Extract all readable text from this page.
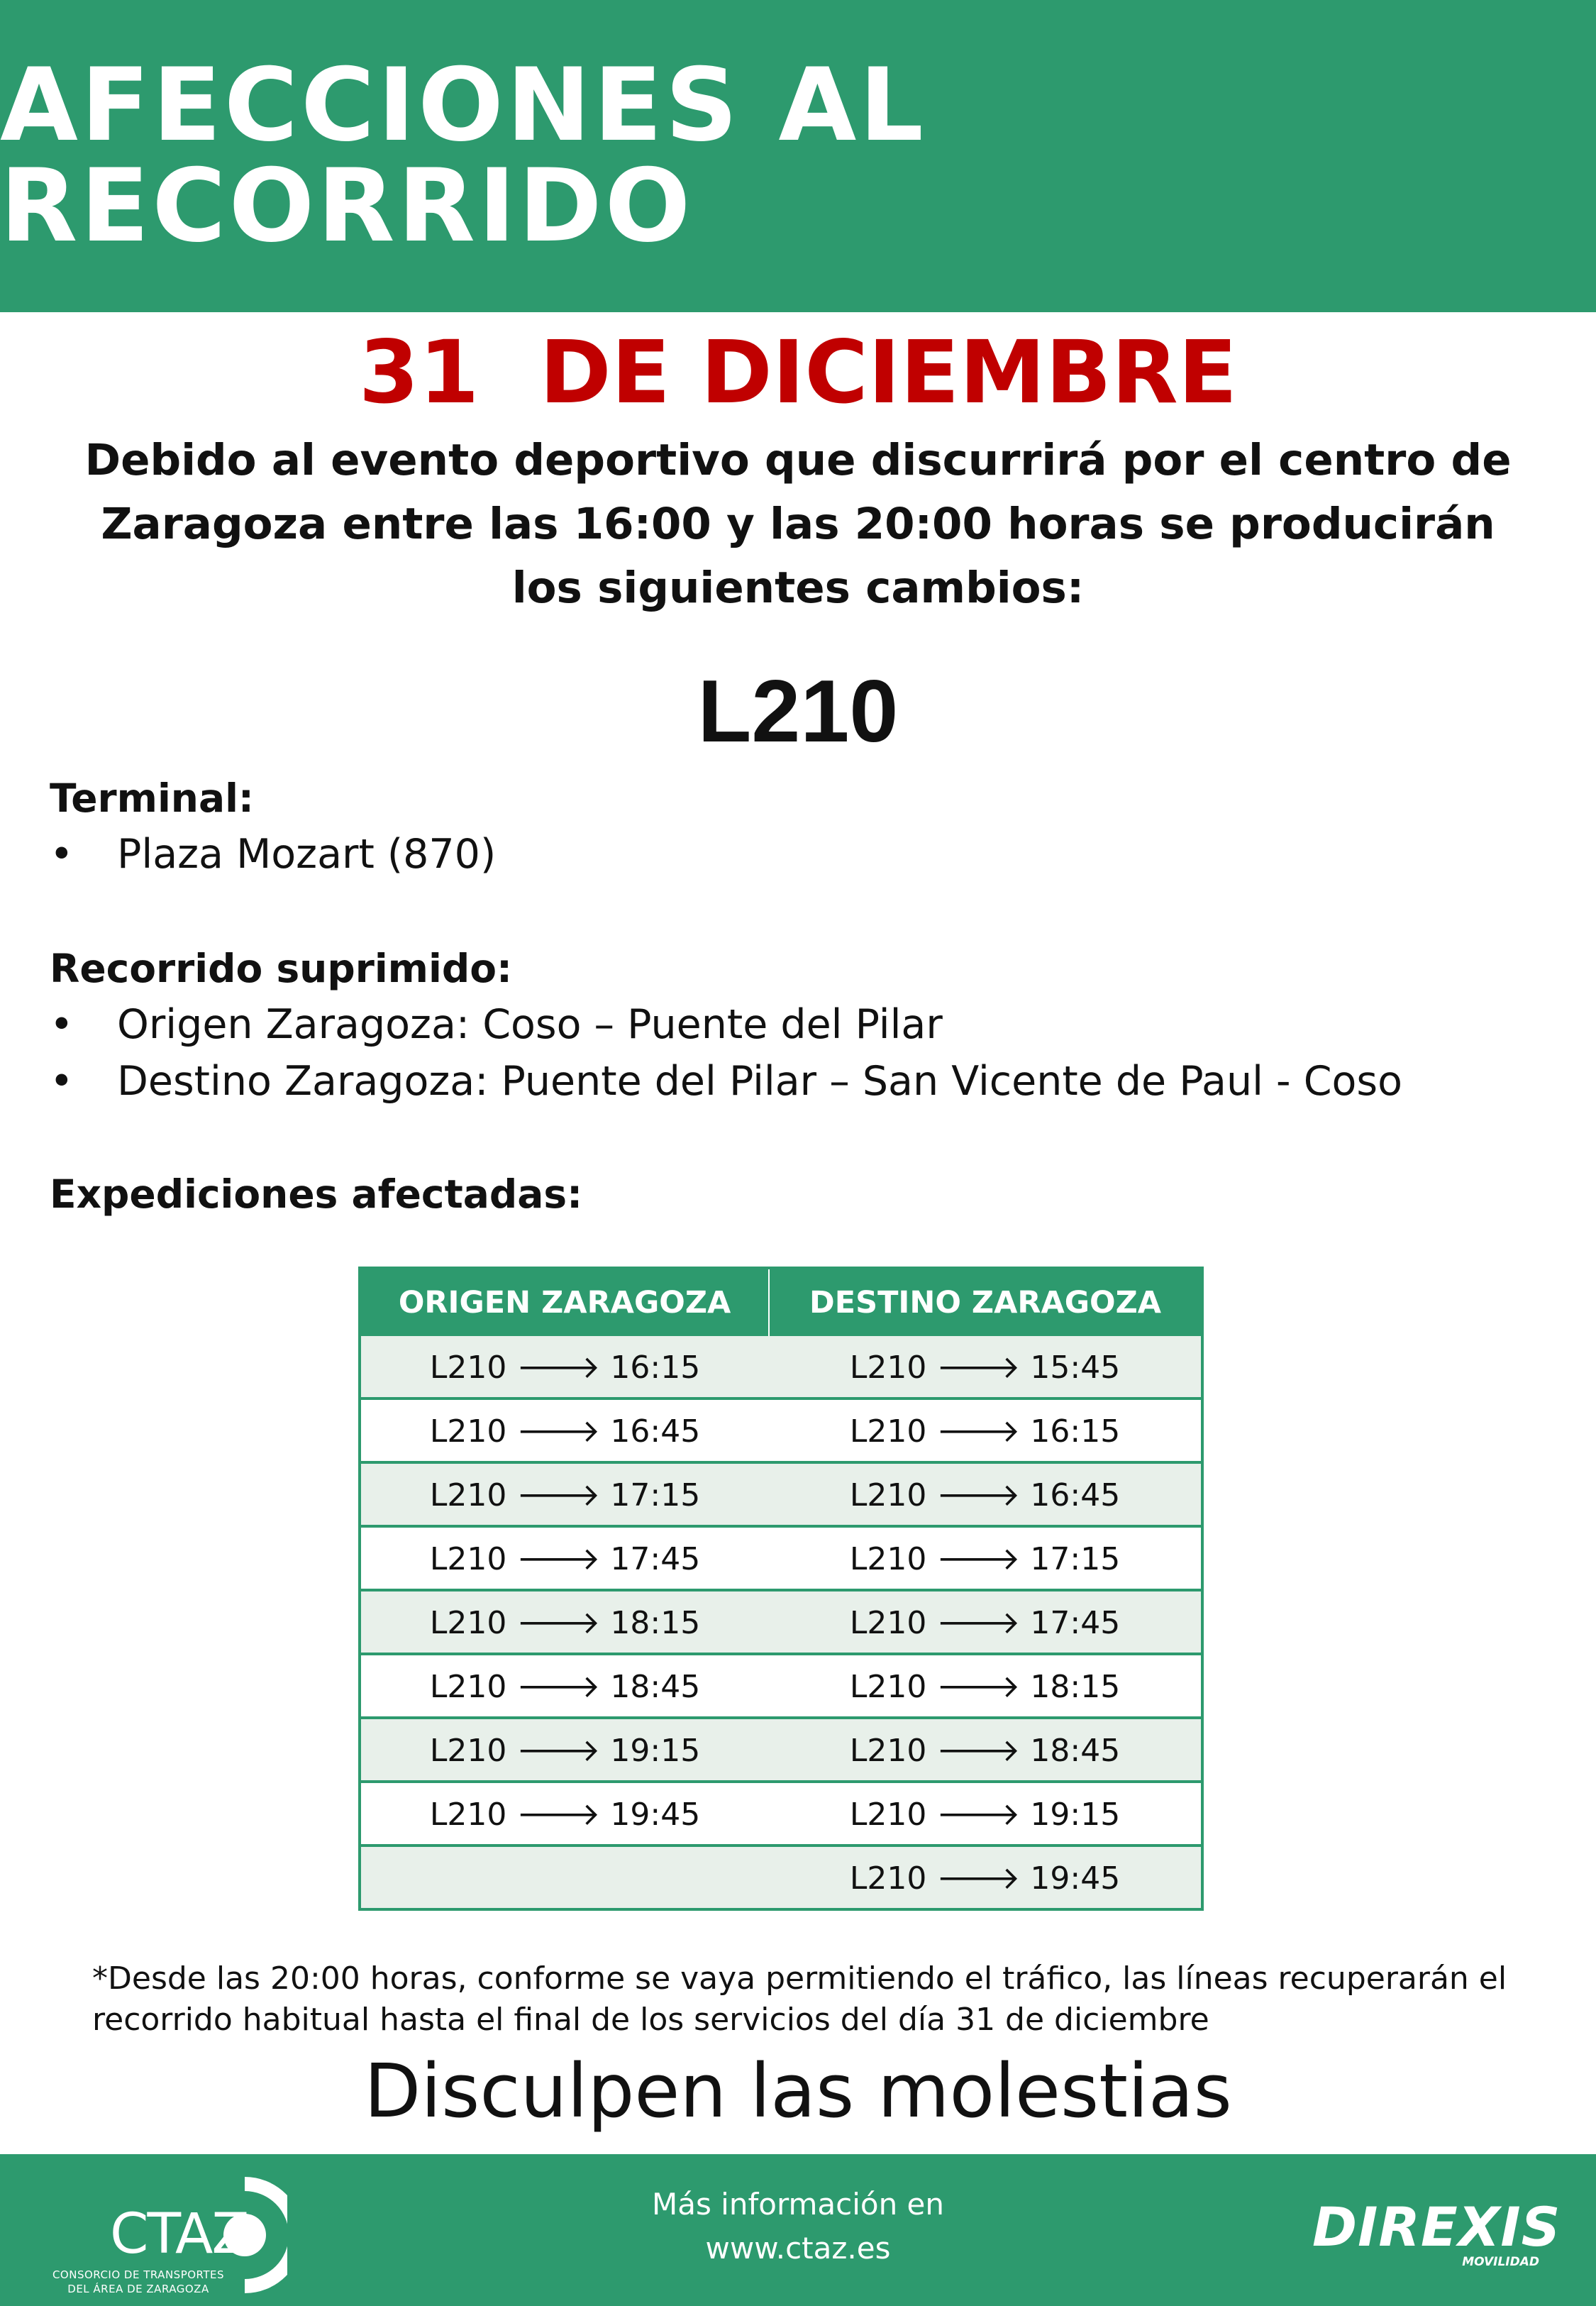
AFECCIONES AL RECORRIDO
31  DE DICIEMBRE
Debido al evento deportivo que discurrirá por el centro de Zaragoza entre las 16:00 y las 20:00 horas se producirán los siguientes cambios:
L210
Terminal:
•	Plaza Mozart (870)
Recorrido suprimido:
•	Origen Zaragoza: Coso – Puente del Pilar
•	Destino Zaragoza: Puente del Pilar – San Vicente de Paul - Coso
Expediciones afectadas:
ORIGEN ZARAGOZA	DESTINO ZARAGOZA
L210 🡒 16:15	L210 🡒 15:45
L210 🡒 16:45	L210 🡒 16:15
L210 🡒 17:15	L210 🡒 16:45
L210 🡒 17:45	L210 🡒 17:15
L210 🡒 18:15	L210 🡒 17:45
L210 🡒 18:45	L210 🡒 18:15
L210 🡒 19:15	L210 🡒 18:45
L210 🡒 19:45	L210 🡒 19:15
	L210 🡒 19:45
*Desde las 20:00 horas, conforme se vaya permitiendo el tráfico, las líneas recuperarán el recorrido habitual hasta el final de los servicios del día 31 de diciembre
Disculpen las molestias
CTAZ
CONSORCIO DE TRANSPORTES
DEL ÁREA DE ZARAGOZA
Más información en
www.ctaz.es	DIREXIS
MOVILIDAD
